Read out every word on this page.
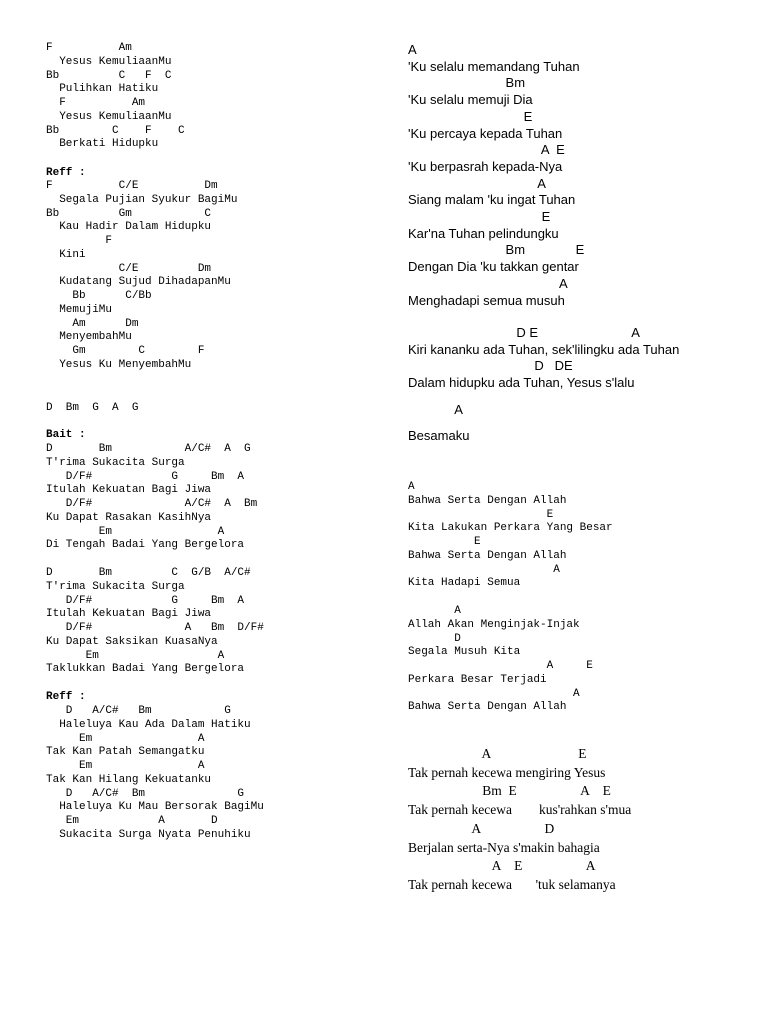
F          Am
Yesus KemuliaanMu
Bb         C   F  C
Pulihkan Hatiku
F          Am
Yesus KemuliaanMu
Bb        C    F    C
Berkati Hidupku
Reff :
F          C/E          Dm
Segala Pujian Syukur BagiMu
Bb         Gm           C
Kau Hadir Dalam Hidupku
F
Kini
C/E         Dm
Kudatang Sujud DihadapanMu
Bb      C/Bb
MemujiMu
Am      Dm
MenyembahMu
Gm        C        F
Yesus Ku MenyembahMu
D  Bm  G  A  G
Bait :
D       Bm           A/C#  A  G
T'rima Sukacita Surga
D/F#            G     Bm  A
Itulah Kekuatan Bagi Jiwa
D/F#              A/C#  A  Bm
Ku Dapat Rasakan KasihNya
Em                A
Di Tengah Badai Yang Bergelora
D       Bm         C  G/B  A/C#
T'rima Sukacita Surga
D/F#            G     Bm  A
Itulah Kekuatan Bagi Jiwa
D/F#              A   Bm  D/F#
Ku Dapat Saksikan KuasaNya
Em                  A
Taklukkan Badai Yang Bergelora
Reff :
D   A/C#   Bm           G
Haleluya Kau Ada Dalam Hatiku
Em                A
Tak Kan Patah Semangatku
Em                A
Tak Kan Hilang Kekuatanku
D   A/C#  Bm              G
Haleluya Ku Mau Bersorak BagiMu
Em            A       D
Sukacita Surga Nyata Penuhiku
A
'Ku selalu memandang Tuhan
Bm
'Ku selalu memuji Dia
E
'Ku percaya kepada Tuhan
A  E
'Ku berpasrah kepada-Nya
A
Siang malam 'ku ingat Tuhan
E
Kar'na Tuhan pelindungku
Bm              E
Dengan Dia 'ku takkan gentar
A
Menghadapi semua musuh
D E                          A
Kiri kananku ada Tuhan, sek'lilingku ada Tuhan
D   DE
Dalam hidupku ada Tuhan, Yesus s'lalu
A
Besamaku
A
Bahwa Serta Dengan Allah
E
Kita Lakukan Perkara Yang Besar
E
Bahwa Serta Dengan Allah
A
Kita Hadapi Semua
A
Allah Akan Menginjak-Injak
D
Segala Musuh Kita
A     E
Perkara Besar Terjadi
A
Bahwa Serta Dengan Allah
A                          E
Tak pernah kecewa mengiring Yesus
Bm  E                   A    E
Tak pernah kecewa        kus'rahkan s'mua
A                   D
Berjalan serta-Nya s'makin bahagia
A    E                   A
Tak pernah kecewa       'tuk selamanya
